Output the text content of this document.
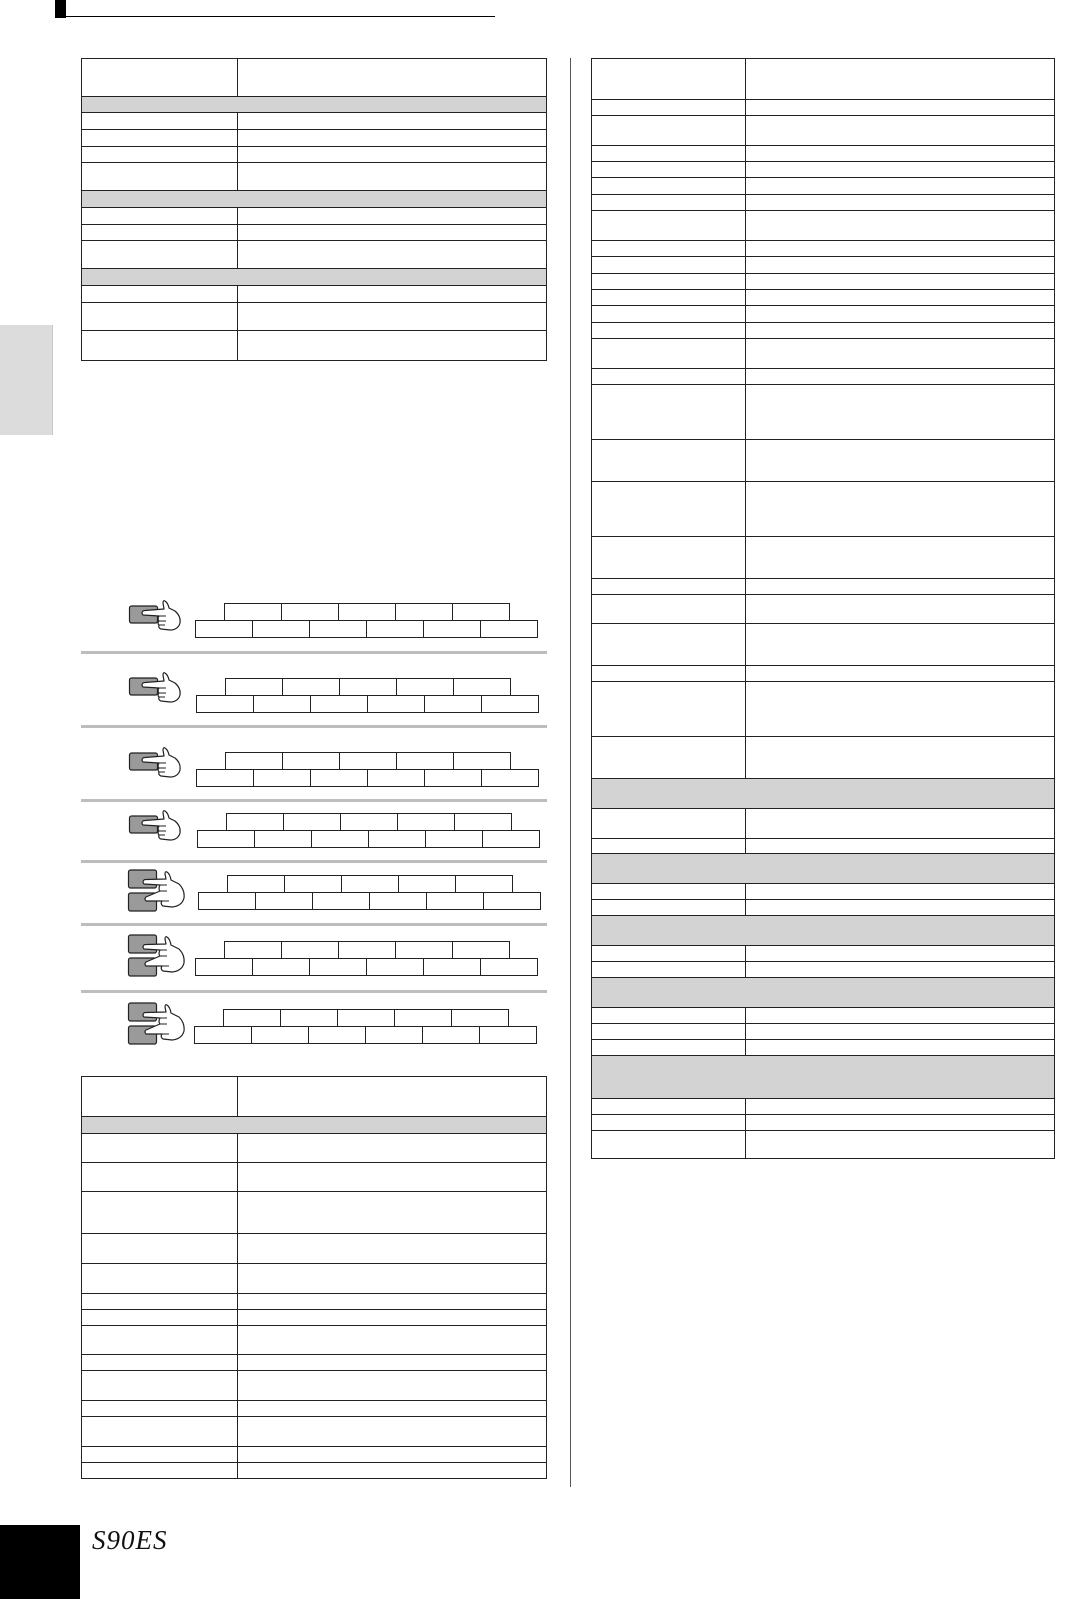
S90ES
